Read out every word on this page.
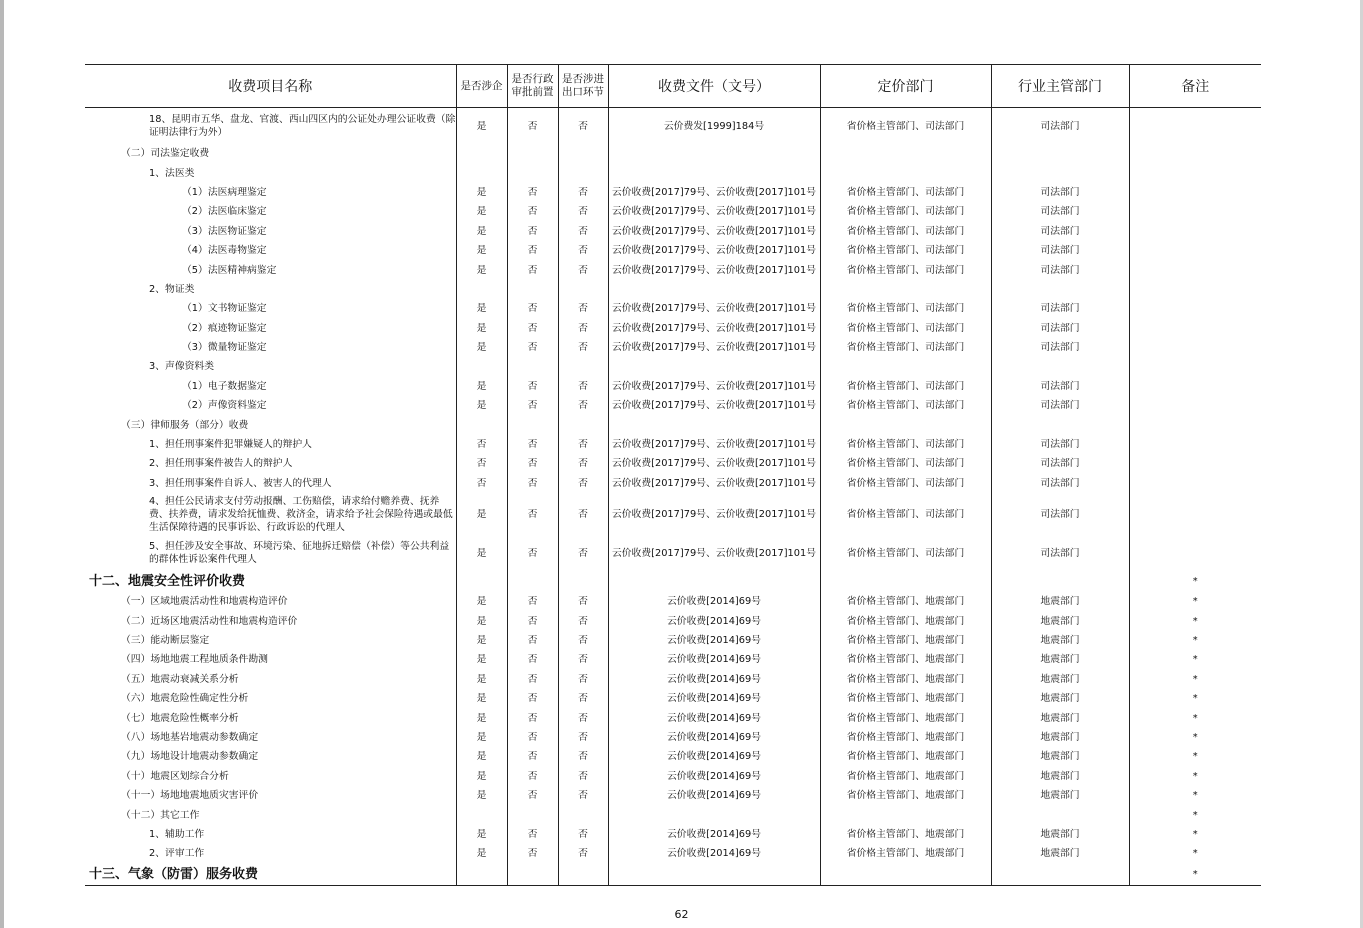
收费项目名称	是否涉企	是否行政审批前置	是否涉进出口环节	收费文件（文号）	定价部门	行业主管部门	备注
18、昆明市五华、盘龙、官渡、西山四区内的公证处办理公证收费（除证明法律行为外）	是	否	否	云价费发[1999]184号	省价格主管部门、司法部门	司法部门	
（二）司法鉴定收费							
1、法医类							
（1）法医病理鉴定	是	否	否	云价收费[2017]79号、云价收费[2017]101号	省价格主管部门、司法部门	司法部门	
（2）法医临床鉴定	是	否	否	云价收费[2017]79号、云价收费[2017]101号	省价格主管部门、司法部门	司法部门	
（3）法医物证鉴定	是	否	否	云价收费[2017]79号、云价收费[2017]101号	省价格主管部门、司法部门	司法部门	
（4）法医毒物鉴定	是	否	否	云价收费[2017]79号、云价收费[2017]101号	省价格主管部门、司法部门	司法部门	
（5）法医精神病鉴定	是	否	否	云价收费[2017]79号、云价收费[2017]101号	省价格主管部门、司法部门	司法部门	
2、物证类							
（1）文书物证鉴定	是	否	否	云价收费[2017]79号、云价收费[2017]101号	省价格主管部门、司法部门	司法部门	
（2）痕迹物证鉴定	是	否	否	云价收费[2017]79号、云价收费[2017]101号	省价格主管部门、司法部门	司法部门	
（3）微量物证鉴定	是	否	否	云价收费[2017]79号、云价收费[2017]101号	省价格主管部门、司法部门	司法部门	
3、声像资料类							
（1）电子数据鉴定	是	否	否	云价收费[2017]79号、云价收费[2017]101号	省价格主管部门、司法部门	司法部门	
（2）声像资料鉴定	是	否	否	云价收费[2017]79号、云价收费[2017]101号	省价格主管部门、司法部门	司法部门	
（三）律师服务（部分）收费							
1、担任刑事案件犯罪嫌疑人的辩护人	否	否	否	云价收费[2017]79号、云价收费[2017]101号	省价格主管部门、司法部门	司法部门	
2、担任刑事案件被告人的辩护人	否	否	否	云价收费[2017]79号、云价收费[2017]101号	省价格主管部门、司法部门	司法部门	
3、担任刑事案件自诉人、被害人的代理人	否	否	否	云价收费[2017]79号、云价收费[2017]101号	省价格主管部门、司法部门	司法部门	
4、担任公民请求支付劳动报酬、工伤赔偿，请求给付赡养费、抚养费、扶养费，请求发给抚恤费、救济金，请求给予社会保险待遇或最低生活保障待遇的民事诉讼、行政诉讼的代理人	是	否	否	云价收费[2017]79号、云价收费[2017]101号	省价格主管部门、司法部门	司法部门	
5、担任涉及安全事故、环境污染、征地拆迁赔偿（补偿）等公共利益的群体性诉讼案件代理人	是	否	否	云价收费[2017]79号、云价收费[2017]101号	省价格主管部门、司法部门	司法部门	
十二、地震安全性评价收费							*
（一）区域地震活动性和地震构造评价	是	否	否	云价收费[2014]69号	省价格主管部门、地震部门	地震部门	*
（二）近场区地震活动性和地震构造评价	是	否	否	云价收费[2014]69号	省价格主管部门、地震部门	地震部门	*
（三）能动断层鉴定	是	否	否	云价收费[2014]69号	省价格主管部门、地震部门	地震部门	*
（四）场地地震工程地质条件勘测	是	否	否	云价收费[2014]69号	省价格主管部门、地震部门	地震部门	*
（五）地震动衰减关系分析	是	否	否	云价收费[2014]69号	省价格主管部门、地震部门	地震部门	*
（六）地震危险性确定性分析	是	否	否	云价收费[2014]69号	省价格主管部门、地震部门	地震部门	*
（七）地震危险性概率分析	是	否	否	云价收费[2014]69号	省价格主管部门、地震部门	地震部门	*
（八）场地基岩地震动参数确定	是	否	否	云价收费[2014]69号	省价格主管部门、地震部门	地震部门	*
（九）场地设计地震动参数确定	是	否	否	云价收费[2014]69号	省价格主管部门、地震部门	地震部门	*
（十）地震区划综合分析	是	否	否	云价收费[2014]69号	省价格主管部门、地震部门	地震部门	*
（十一）场地地震地质灾害评价	是	否	否	云价收费[2014]69号	省价格主管部门、地震部门	地震部门	*
（十二）其它工作							*
1、辅助工作	是	否	否	云价收费[2014]69号	省价格主管部门、地震部门	地震部门	*
2、评审工作	是	否	否	云价收费[2014]69号	省价格主管部门、地震部门	地震部门	*
十三、气象（防雷）服务收费							*
62
